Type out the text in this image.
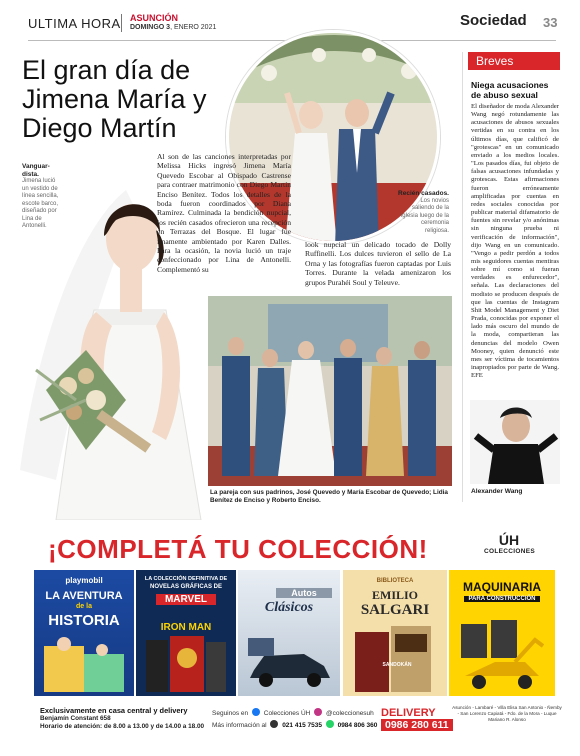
ULTIMA HORA ASUNCIÓN
DOMINGO 3, ENERO 2021	Sociedad 33
El gran día de Jimena María y Diego Martín
Vanguar-dista.
Jimena lució un vestido de línea sencilla, escote barco, diseñado por Lina de Antonelli.
Recién casados.
Los novios saliendo de la iglesia luego de la ceremonia religiosa.
Al son de las canciones interpretadas por Melissa Hicks ingresó Jimena María Quevedo Escobar al Obispado Castrense para contraer matrimonio con Diego Martín Enciso Benítez. Todos los detalles de la boda fueron coordinados por Diana Ramírez. Culminada la bendición nupcial, los recién casados ofrecieron una recepción en Terrazas del Bosque. El lugar fue finamente ambientado por Karen Dalles. Para la ocasión, la novia lució un traje confeccionado por Lina de Antonelli. Complementó su
look nupcial un delicado tocado de Dolly Ruffinelli. Los dulces tuvieron el sello de La Orna y las fotografías fueron captadas por Luis Torres. Durante la velada amenizaron los grupos Purahéi Soul y Teleuve.
La pareja con sus padrinos, José Quevedo y María Escobar de Quevedo; Lidia Benítez de Enciso y Roberto Enciso.
Breves
Niega acusaciones de abuso sexual
El diseñador de moda Alexander Wang negó rotundamente las acusaciones de abusos sexuales vertidas en su contra en los últimos días, que calificó de "grotescas" en un comunicado enviado a los medios locales. "Los pasados días, fui objeto de falsas acusaciones infundadas y grotescas. Estas afirmaciones fueron erróneamente amplificadas por cuentas en redes sociales conocidas por publicar material difamatorio de fuentes sin revelar y/o anónimas sin ninguna prueba ni verificación de información", dijo Wang en un comunicado. "Vengo a pedir perdón a todos mis seguidores cuentas mentiras sobre mí como si fueran verdades es enfurecedor", señala. Las declaraciones del modisto se producen después de que las cuentas de Instagram Shit Model Management y Diet Prada, conocidas por exponer el lado más oscuro del mundo de la moda, compartieran las denuncias del modelo Owen Mooney, quien denunció este mes ser víctima de tocamientos inapropiados por parte de Wang. EFE
Alexander Wang
¡COMPLETÁ TU COLECCIÓN!	ÚH
COLECCIONES
playmobil
LA AVENTURA
de la
HISTORIA
LA COLECCIÓN DEFINITIVA DE
NOVELAS GRÁFICAS DE
MARVEL
IRON MAN
Autos
Clásicos
BIBLIOTECA
EMILIO
SALGARI
SANDOKÁN
MAQUINARIA
PARA CONSTRUCCIÓN
Exclusivamente en casa central y delivery
Benjamín Constant 658
Horario de atención: de 8.00 a 13.00 y de 14.00 a 18.00
Seguinos en Colecciones ÚH @coleccionesuh
Más información al 021 415 7535 0984 806 360
DELIVERY
0986 280 611
Asunción - Lambaré - Villa Elisa San Antonio - Ñemby - San Lorenzo Capiatá - Fdo. de la Mora - Luque Mariano R. Alonso
